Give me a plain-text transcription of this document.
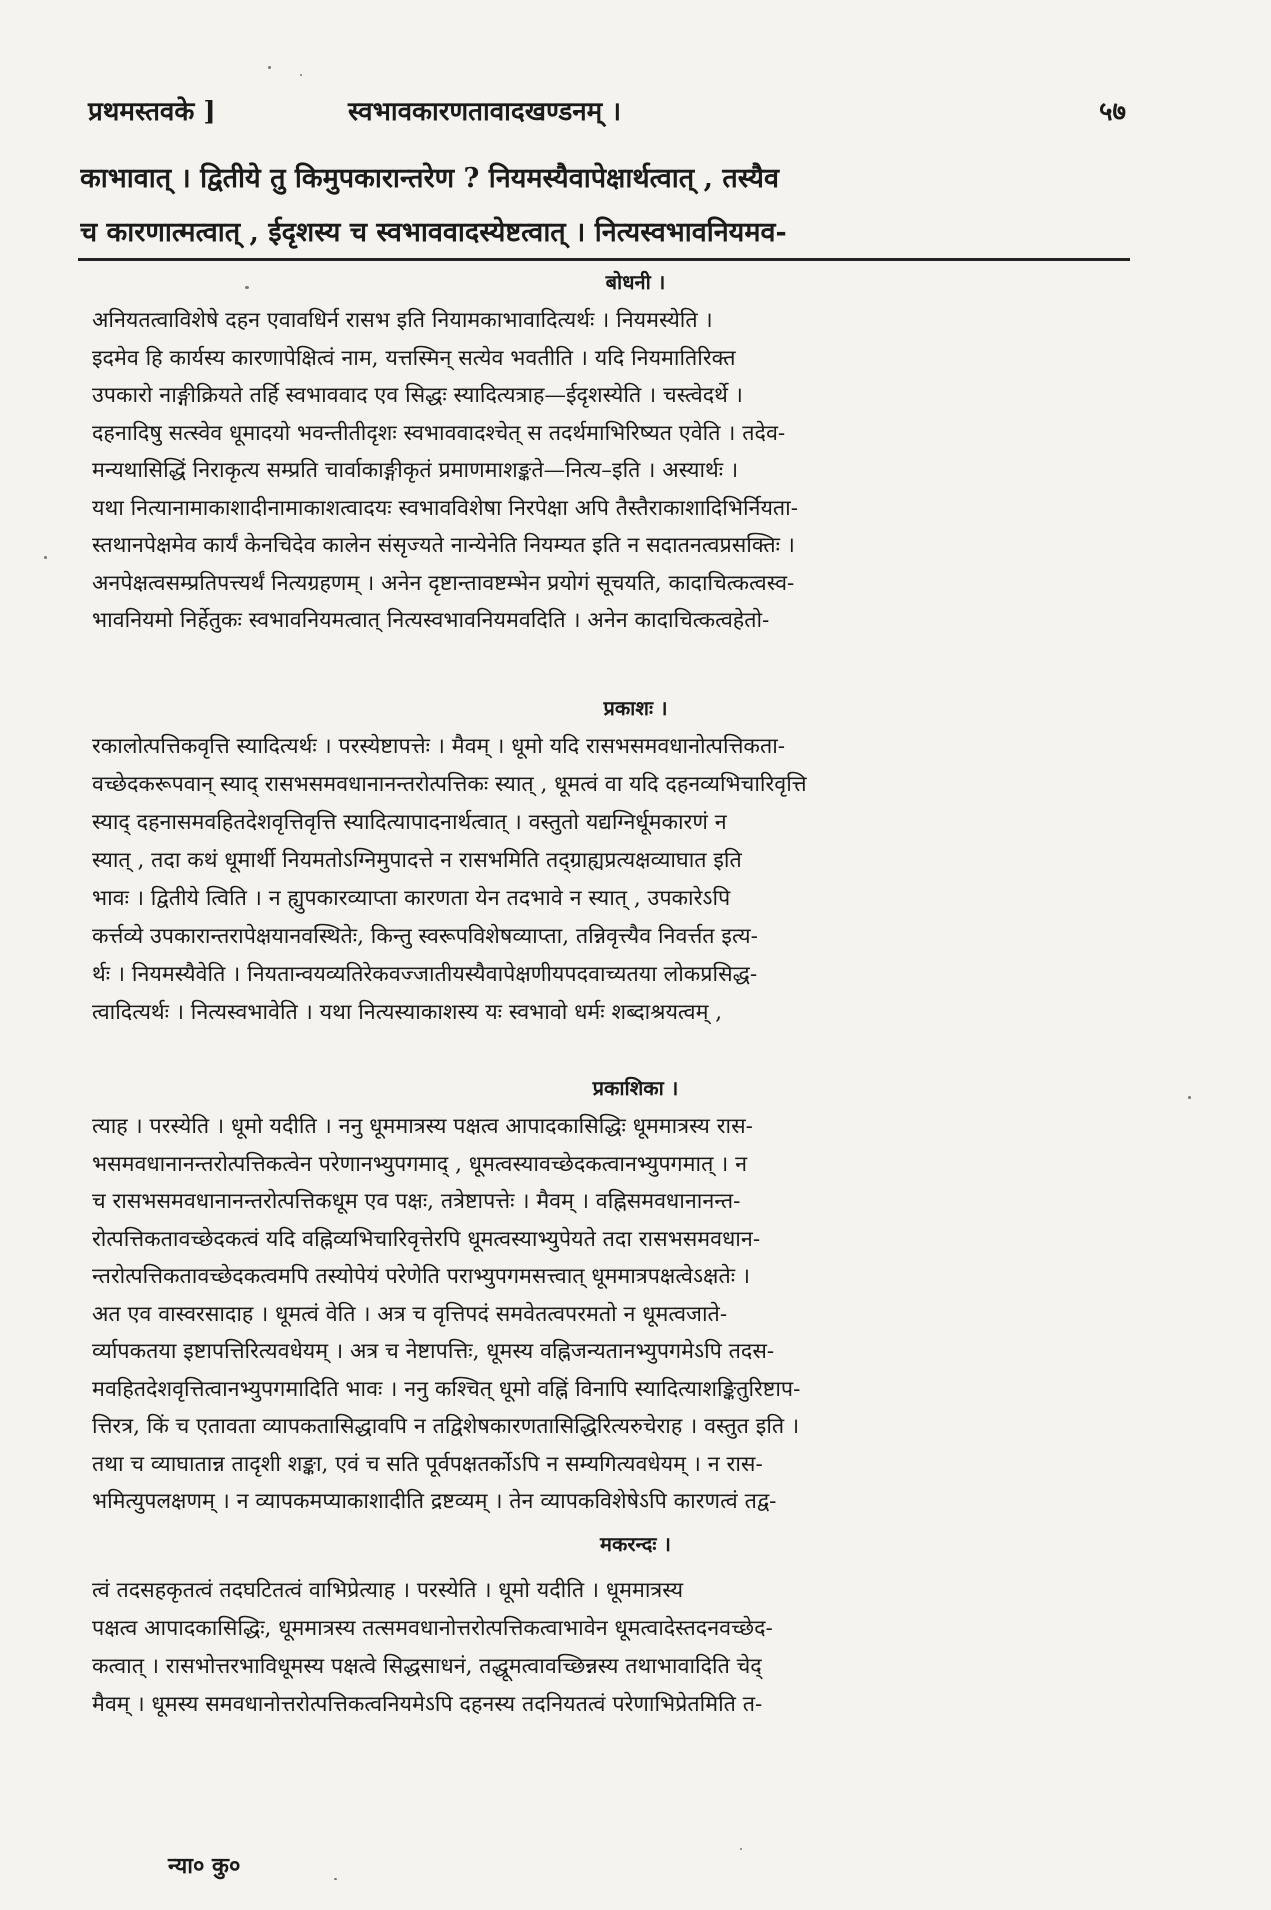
प्रथमस्तवके ]	स्वभावकारणतावादखण्डनम् ।	५७
काभावात् । द्वितीये तु किमुपकारान्तरेण ? नियमस्यैवापेक्षार्थत्वात् , तस्यैव
च कारणात्मत्वात् , ईदृशस्य च स्वभाववादस्येष्टत्वात् । नित्यस्वभावनियमव-
बोधनी ।
अनियतत्वाविशेषे दहन एवावधिर्न रासभ इति नियामकाभावादित्यर्थः । नियमस्येति ।
इदमेव हि कार्यस्य कारणापेक्षित्वं नाम, यत्तस्मिन् सत्येव भवतीति । यदि नियमातिरिक्त
उपकारो नाङ्गीक्रियते तर्हि स्वभाववाद एव सिद्धः स्यादित्यत्राह—ईदृशस्येति । चस्त्वेदर्थे ।
दहनादिषु सत्स्वेव धूमादयो भवन्तीतीदृशः स्वभाववादश्चेत् स तदर्थमाभिरिष्यत एवेति । तदेव-
मन्यथासिद्धिं निराकृत्य सम्प्रति चार्वाकाङ्गीकृतं प्रमाणमाशङ्कते—नित्य–इति । अस्यार्थः ।
यथा नित्यानामाकाशादीनामाकाशत्वादयः स्वभावविशेषा निरपेक्षा अपि तैस्तैराकाशादिभिर्नियता-
स्तथानपेक्षमेव कार्यं केनचिदेव कालेन संसृज्यते नान्येनेति नियम्यत इति न सदातनत्वप्रसक्तिः ।
अनपेक्षत्वसम्प्रतिपत्त्यर्थं नित्यग्रहणम् । अनेन दृष्टान्तावष्टम्भेन प्रयोगं सूचयति, कादाचित्कत्वस्व-
भावनियमो निर्हेतुकः स्वभावनियमत्वात् नित्यस्वभावनियमवदिति । अनेन कादाचित्कत्वहेतो-
प्रकाशः ।
रकालोत्पत्तिकवृत्ति स्यादित्यर्थः । परस्येष्टापत्तेः । मैवम् । धूमो यदि रासभसमवधानोत्पत्तिकता-
वच्छेदकरूपवान् स्याद् रासभसमवधानानन्तरोत्पत्तिकः स्यात् , धूमत्वं वा यदि दहनव्यभिचारिवृत्ति
स्याद् दहनासमवहितदेशवृत्तिवृत्ति स्यादित्यापादनार्थत्वात् । वस्तुतो यद्यग्निर्धूमकारणं न
स्यात् , तदा कथं धूमार्थी नियमतोऽग्निमुपादत्ते न रासभमिति तद्ग्राह्यप्रत्यक्षव्याघात इति
भावः । द्वितीये त्विति । न ह्युपकारव्याप्ता कारणता येन तदभावे न स्यात् , उपकारेऽपि
कर्त्तव्ये उपकारान्तरापेक्षयानवस्थितेः, किन्तु स्वरूपविशेषव्याप्ता, तन्निवृत्त्यैव निवर्त्तत इत्य-
र्थः । नियमस्यैवेति । नियतान्वयव्यतिरेकवज्जातीयस्यैवापेक्षणीयपदवाच्यतया लोकप्रसिद्ध-
त्वादित्यर्थः । नित्यस्वभावेति । यथा नित्यस्याकाशस्य यः स्वभावो धर्मः शब्दाश्रयत्वम् ,
प्रकाशिका ।
त्याह । परस्येति । धूमो यदीति । ननु धूममात्रस्य पक्षत्व आपादकासिद्धिः धूममात्रस्य रास-
भसमवधानानन्तरोत्पत्तिकत्वेन परेणानभ्युपगमाद् , धूमत्वस्यावच्छेदकत्वानभ्युपगमात् । न
च रासभसमवधानानन्तरोत्पत्तिकधूम एव पक्षः, तत्रेष्टापत्तेः । मैवम् । वह्निसमवधानानन्त-
रोत्पत्तिकतावच्छेदकत्वं यदि वह्निव्यभिचारिवृत्तेरपि धूमत्वस्याभ्युपेयते तदा रासभसमवधान-
न्तरोत्पत्तिकतावच्छेदकत्वमपि तस्योपेयं परेणेति पराभ्युपगमसत्त्वात् धूममात्रपक्षत्वेऽक्षतेः ।
अत एव वास्वरसादाह । धूमत्वं वेति । अत्र च वृत्तिपदं समवेतत्वपरमतो न धूमत्वजाते-
र्व्यापकतया इष्टापत्तिरित्यवधेयम् । अत्र च नेष्टापत्तिः, धूमस्य वह्निजन्यतानभ्युपगमेऽपि तदस-
मवहितदेशवृत्तित्वानभ्युपगमादिति भावः । ननु कश्चित् धूमो वह्निं विनापि स्यादित्याशङ्कितुरिष्टाप-
त्तिरत्र, किं च एतावता व्यापकतासिद्धावपि न तद्विशेषकारणतासिद्धिरित्यरुचेराह । वस्तुत इति ।
तथा च व्याघातान्न तादृशी शङ्का, एवं च सति पूर्वपक्षतर्कोऽपि न सम्यगित्यवधेयम् । न रास-
भमित्युपलक्षणम् । न व्यापकमप्याकाशादीति द्रष्टव्यम् । तेन व्यापकविशेषेऽपि कारणत्वं तद्व-
मकरन्दः ।
त्वं तदसहकृतत्वं तदघटितत्वं वाभिप्रेत्याह । परस्येति । धूमो यदीति । धूममात्रस्य
पक्षत्व आपादकासिद्धिः, धूममात्रस्य तत्समवधानोत्तरोत्पत्तिकत्वाभावेन धूमत्वादेस्तदनवच्छेद-
कत्वात् । रासभोत्तरभाविधूमस्य पक्षत्वे सिद्धसाधनं, तद्धूमत्वावच्छिन्नस्य तथाभावादिति चेद्
मैवम् । धूमस्य समवधानोत्तरोत्पत्तिकत्वनियमेऽपि दहनस्य तदनियतत्वं परेणाभिप्रेतमिति त-
न्या० कु०
